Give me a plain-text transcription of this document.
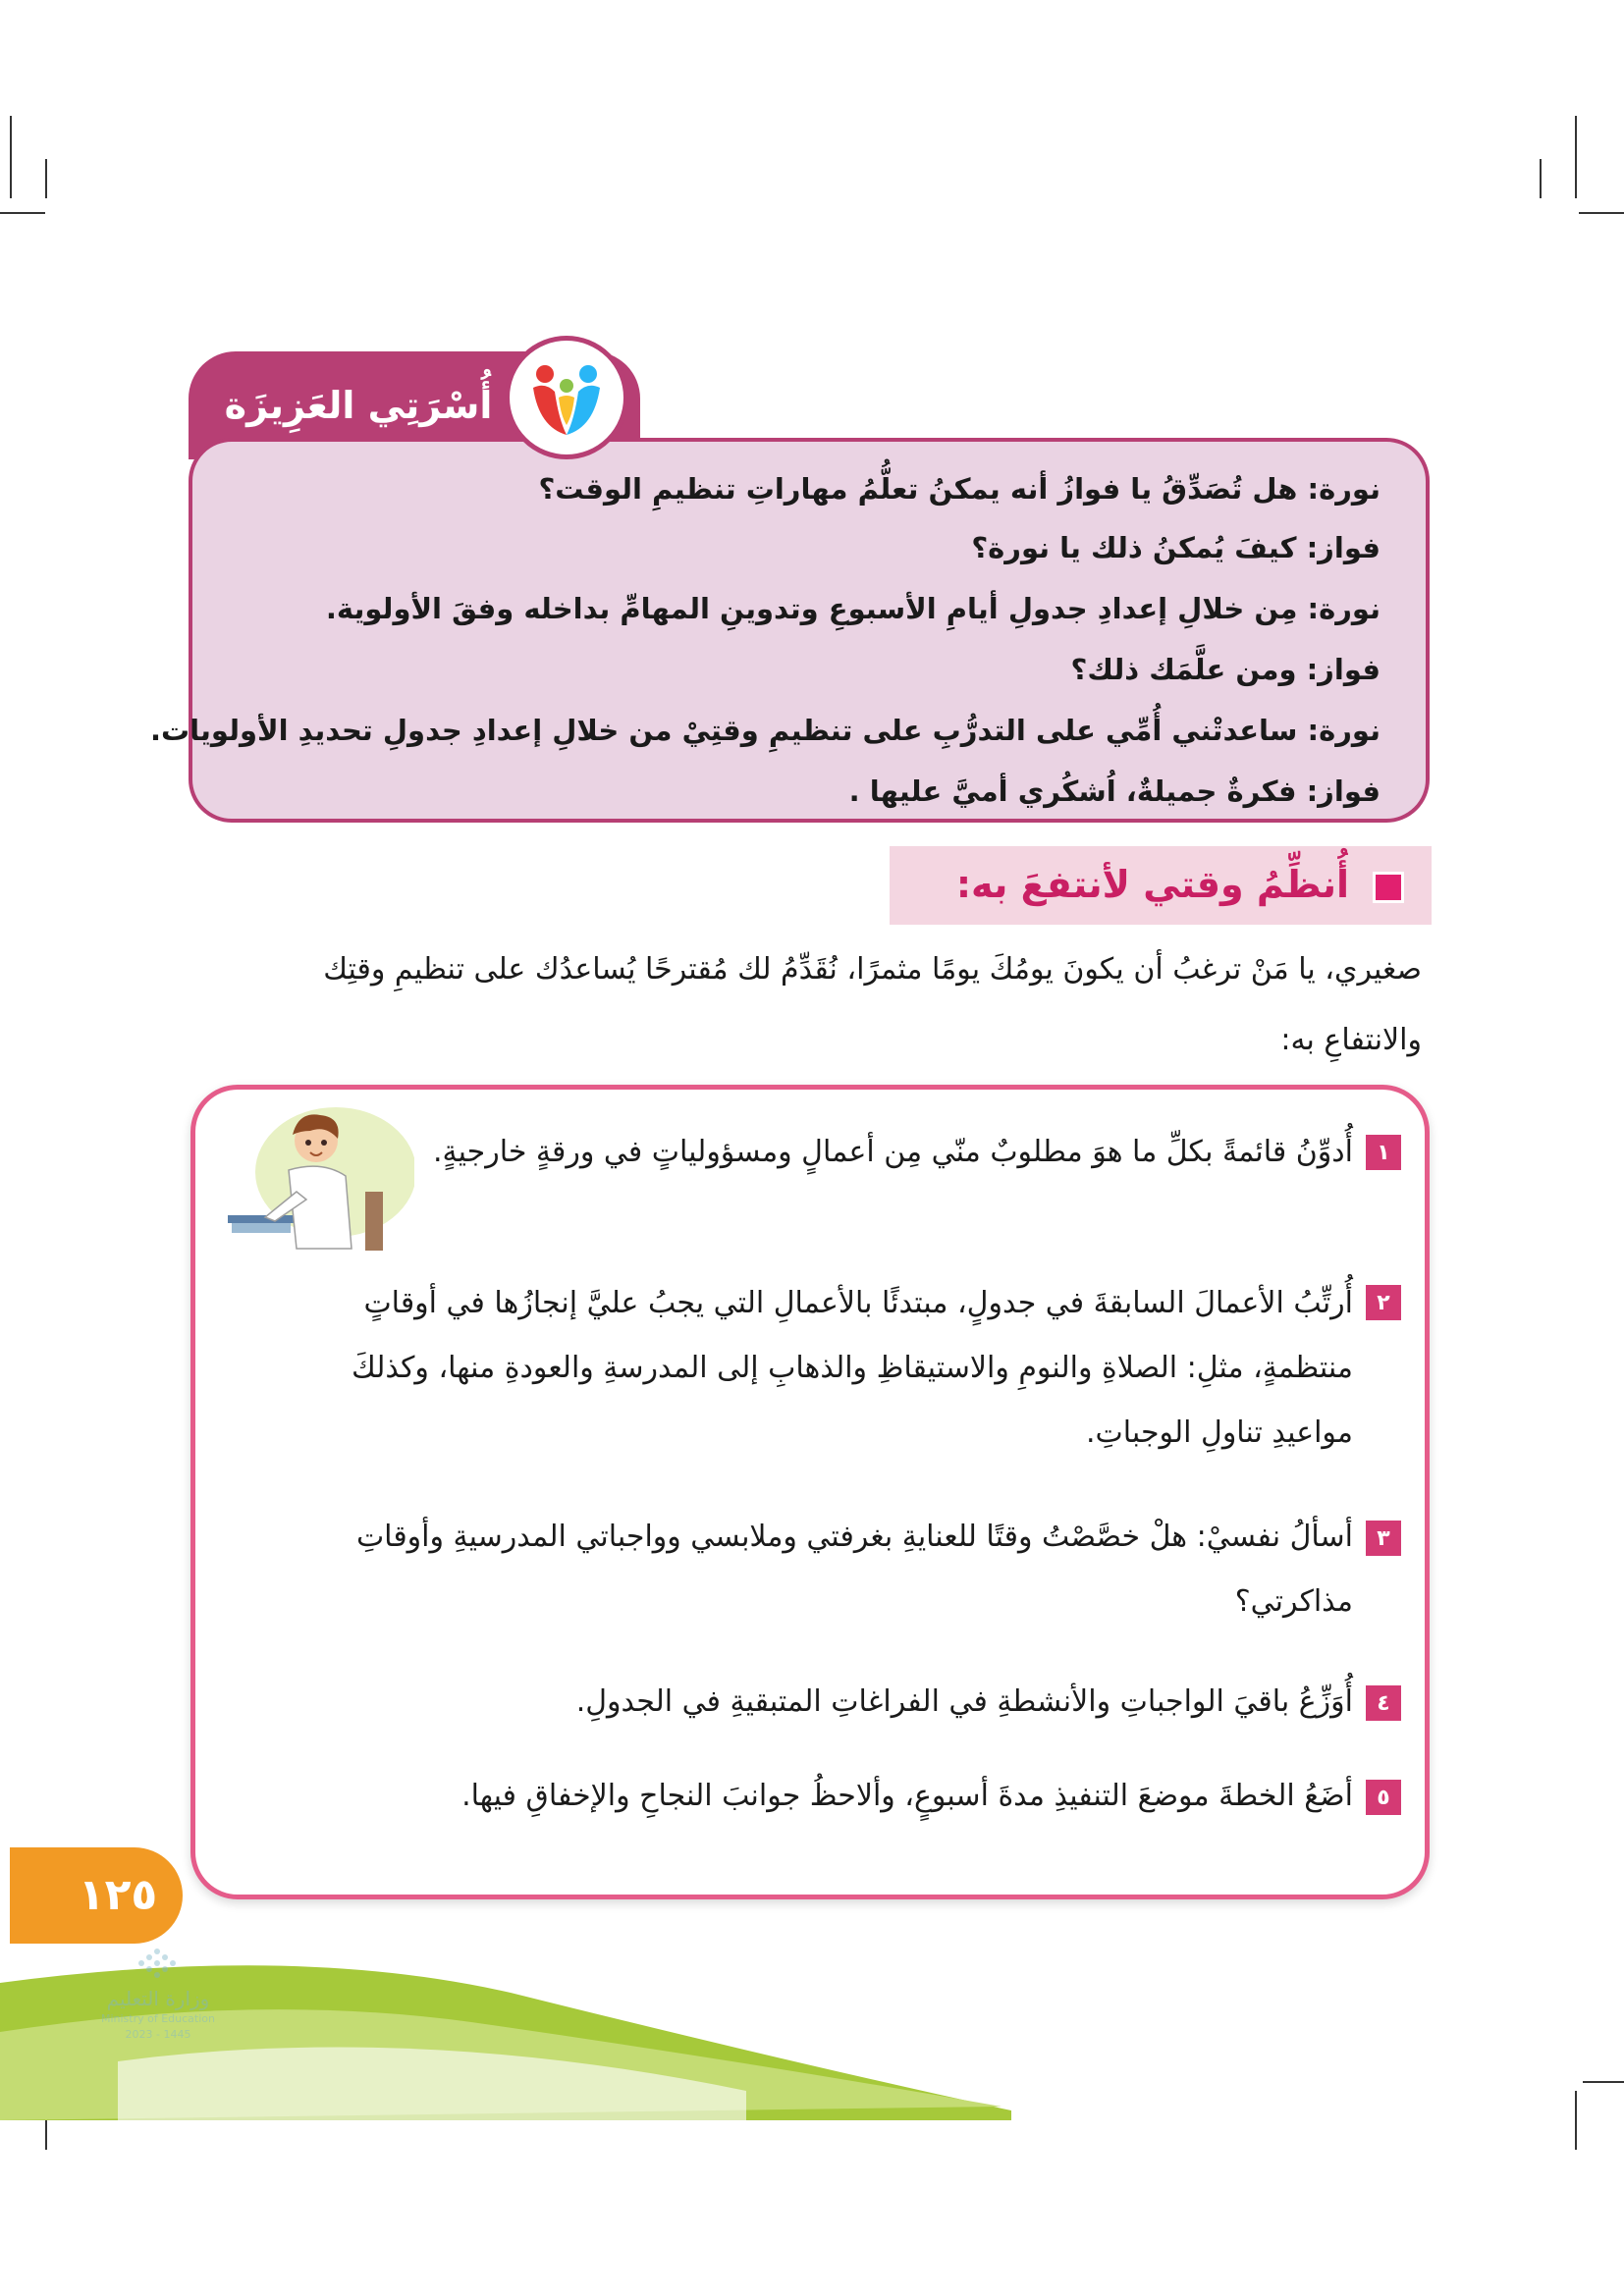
أُسْرَتِي العَزِيزَة
نورة: هل تُصَدِّقُ يا فوازُ أنه يمكنُ تعلُّمُ مهاراتِ تنظيمِ الوقت؟
فواز: كيفَ يُمكنُ ذلك يا نورة؟
نورة: مِن خلالِ إعدادِ جدولِ أيامِ الأسبوعِ وتدوينِ المهامِّ بداخله وفقَ الأولوية.
فواز: ومن علَّمَك ذلك؟
نورة: ساعدتْني أُمِّي على التدرُّبِ على تنظيمِ وقتِيْ من خلالِ إعدادِ جدولِ تحديدِ الأولويات.
فواز: فكرةٌ جميلةٌ، اُشكُري أميَّ عليها .
أُنظِّمُ وقتي لأنتفعَ به:
صغيري، يا مَنْ ترغبُ أن يكونَ يومُكَ يومًا مثمرًا، نُقَدِّمُ لك مُقترحًا يُساعدُك على تنظيمِ وقتِك
والانتفاعِ به:
١
أُدوِّنُ قائمةً بكلِّ ما هوَ مطلوبٌ منّي مِن أعمالٍ ومسؤولياتٍ في ورقةٍ خارجيةٍ.
٢
أُرتِّبُ الأعمالَ السابقةَ في جدولٍ، مبتدئًا بالأعمالِ التي يجبُ عليَّ إنجازُها في أوقاتٍ
منتظمةٍ، مثلِ: الصلاةِ والنومِ والاستيقاظِ والذهابِ إلى المدرسةِ والعودةِ منها، وكذلكَ
مواعيدِ تناولِ الوجباتِ.
٣
أسألُ نفسيْ: هلْ خصَّصْتُ وقتًا للعنايةِ بغرفتي وملابسي وواجباتي المدرسيةِ وأوقاتِ
مذاكرتي؟
٤
أُوَزِّعُ باقيَ الواجباتِ والأنشطةِ في الفراغاتِ المتبقيةِ في الجدولِ.
٥
أضَعُ الخطةَ موضعَ التنفيذِ مدةَ أسبوعٍ، وألاحظُ جوانبَ النجاحِ والإخفاقِ فيها.
١٢٥
وزارة التعليم
Ministry of Education
2023 - 1445
